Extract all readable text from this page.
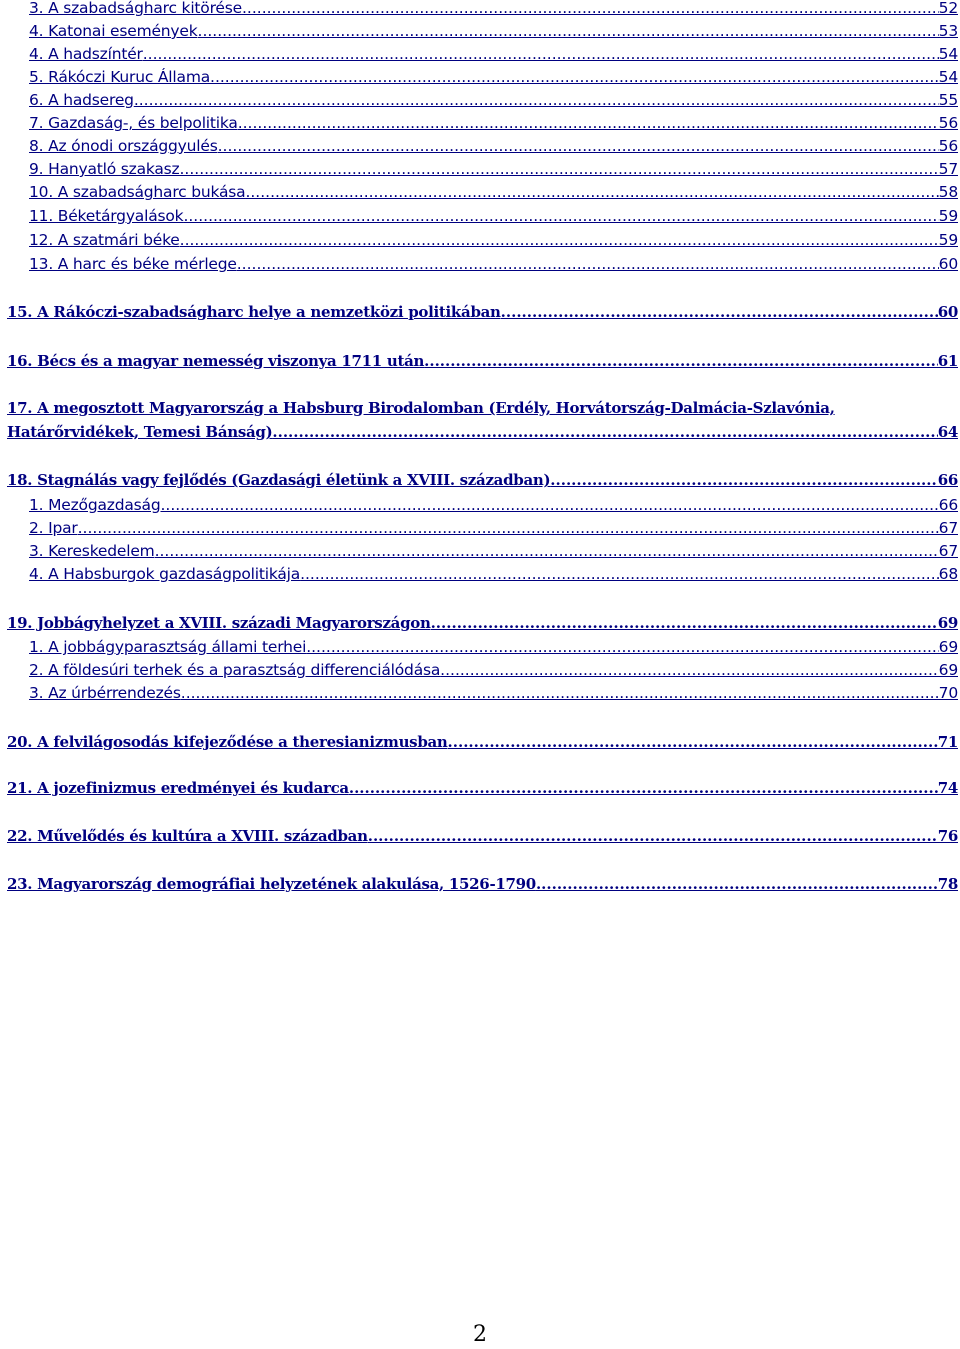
3. A szabadságharc kitörése .....	52
4. Katonai események .....	53
4. A hadszíntér .....	54
5. Rákóczi Kuruc Állama .....	54
6. A hadsereg .....	55
7. Gazdaság-, és belpolitika .....	56
8. Az ónodi országgyulés .....	56
9. Hanyatló szakasz .....	57
10. A szabadságharc bukása .....	58
11. Béketárgyalások .....	59
12. A szatmári béke .....	59
13. A harc és béke mérlege .....	60
15. A Rákóczi-szabadságharc helye a nemzetközi politikában .....	60
16. Bécs és a magyar nemesség viszonya 1711 után .....	61
17. A megosztott Magyarország a Habsburg Birodalomban (Erdély, Horvátország-Dalmácia-Szlavónia,
Határőrvidékek, Temesi Bánság) .....	64
18. Stagnálás vagy fejlődés (Gazdasági életünk a XVIII. században) .....	66
1. Mezőgazdaság .....	66
2. Ipar .....	67
3. Kereskedelem .....	67
4. A Habsburgok gazdaságpolitikája .....	68
19. Jobbágyhelyzet a XVIII. századi Magyarországon .....	69
1. A jobbágyparasztság állami terhei .....	69
2. A földesúri terhek és a parasztság differenciálódása .....	69
3. Az úrbérrendezés .....	70
20. A felvilágosodás kifejeződése a theresianizmusban .....	71
21. A jozefinizmus eredményei és kudarca .....	74
22. Művelődés és kultúra a XVIII. században .....	76
23. Magyarország demográfiai helyzetének alakulása, 1526-1790 .....	78
2
